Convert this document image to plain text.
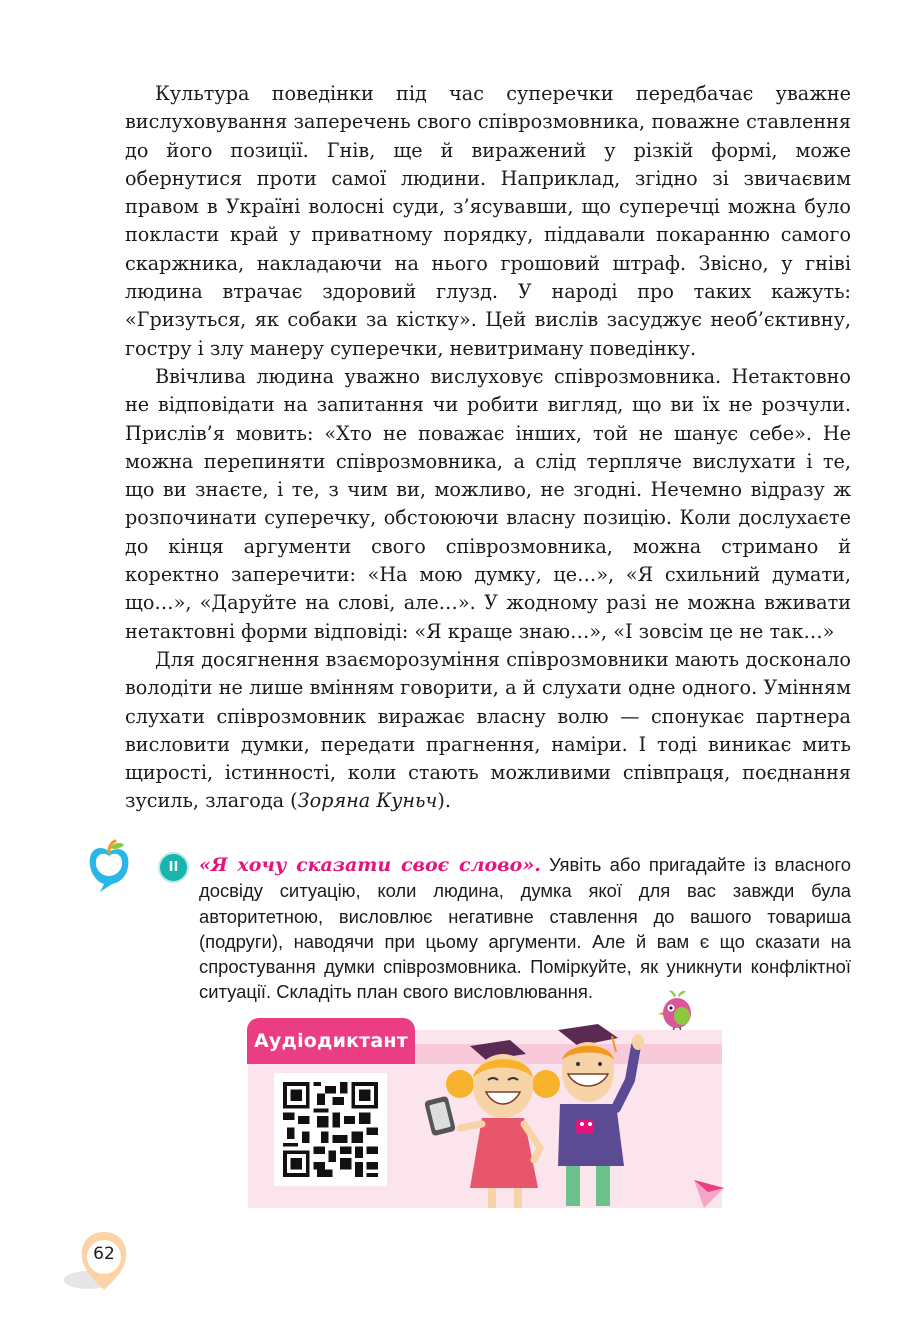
Культура поведінки під час суперечки передбачає уважне вислуховування заперечень свого співрозмовника, поважне ставлення до його позиції. Гнів, ще й виражений у різкій формі, може обернутися проти самої людини. Наприклад, згідно зі звичаєвим правом в Україні волосні суди, з’ясувавши, що суперечці можна було покласти край у приватному порядку, піддавали покаранню самого скаржника, накладаючи на нього грошовий штраф. Звісно, у гніві людина втрачає здоровий глузд. У народі про таких кажуть: «Гризуться, як собаки за кістку». Цей вислів засуджує необ’єктивну, гостру і злу манеру суперечки, невитриману поведінку.

Ввічлива людина уважно вислуховує співрозмовника. Нетактовно не відповідати на запитання чи робити вигляд, що ви їх не розчули. Прислів’я мовить: «Хто не поважає інших, той не шанує себе». Не можна перепиняти співрозмовника, а слід терпляче вислухати і те, що ви знаєте, і те, з чим ви, можливо, не згодні. Нечемно відразу ж розпочинати суперечку, обстоюючи власну позицію. Коли дослухаєте до кінця аргументи свого співрозмовника, можна стримано й коректно заперечити: «На мою думку, це…», «Я схильний думати, що…», «Даруйте на слові, але…». У жодному разі не можна вживати нетактовні форми відповіді: «Я краще знаю…», «І зовсім це не так…»

Для досягнення взаєморозуміння співрозмовники мають досконало володіти не лише вмінням говорити, а й слухати одне одного. Умінням слухати співрозмовник виражає власну волю — спонукає партнера висловити думки, передати прагнення, наміри. І тоді виникає мить щирості, істинності, коли стають можливими співпраця, поєднання зусиль, злагода (Зоряна Куньч).

II	«Я хочу сказати своє слово». Уявіть або пригадайте із власного досвіду ситуацію, коли людина, думка якої для вас завжди була авторитетною, висловлює негативне ставлення до вашого товариша (подруги), наводячи при цьому аргументи. Але й вам є що сказати на спростування думки співрозмовника. Поміркуйте, як уникнути конфліктної ситуації. Складіть план свого висловлювання.
Аудіодиктант
62
